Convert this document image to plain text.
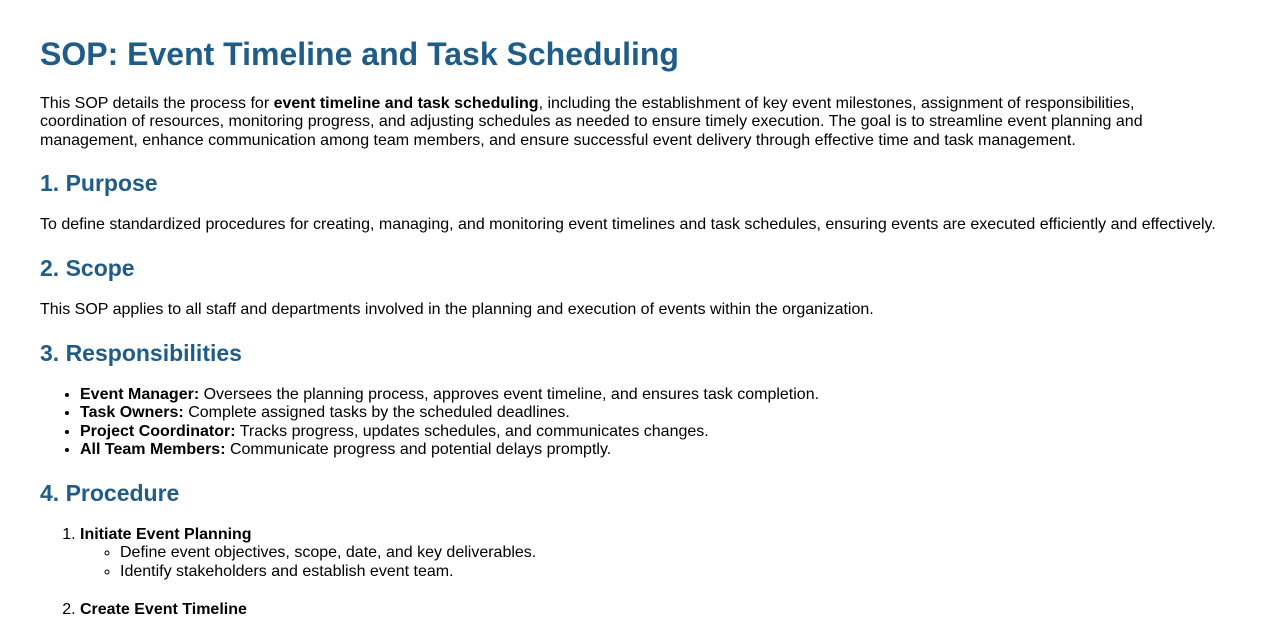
SOP: Event Timeline and Task Scheduling

This SOP details the process for event timeline and task scheduling, including the establishment of key event milestones, assignment of responsibilities, coordination of resources, monitoring progress, and adjusting schedules as needed to ensure timely execution. The goal is to streamline event planning and management, enhance communication among team members, and ensure successful event delivery through effective time and task management.

1. Purpose

To define standardized procedures for creating, managing, and monitoring event timelines and task schedules, ensuring events are executed efficiently and effectively.

2. Scope

This SOP applies to all staff and departments involved in the planning and execution of events within the organization.

3. Responsibilities
• Event Manager: Oversees the planning process, approves event timeline, and ensures task completion.
• Task Owners: Complete assigned tasks by the scheduled deadlines.
• Project Coordinator: Tracks progress, updates schedules, and communicates changes.
• All Team Members: Communicate progress and potential delays promptly.
4. Procedure
1. Initiate Event Planning
◦ Define event objectives, scope, date, and key deliverables.
◦ Identify stakeholders and establish event team.
2. Create Event Timeline
